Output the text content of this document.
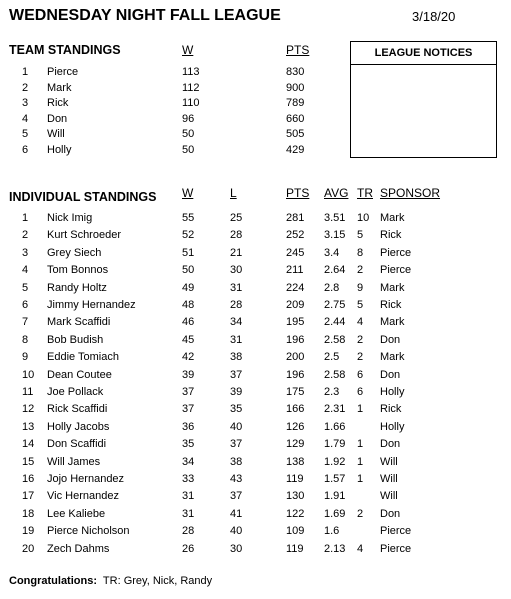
WEDNESDAY NIGHT FALL LEAGUE	3/18/20
TEAM STANDINGS	W	PTS
1 Pierce	113	830
2 Mark	112	900
3 Rick	110	789
4 Don	96	660
5 Will	50	505
6 Holly	50	429
LEAGUE NOTICES
INDIVIDUAL STANDINGS W	L	PTS AVG TR SPONSOR
1 Nick Imig	55	25	281 3.51 10 Mark
2 Kurt Schroeder	52	28	252 3.15 5 Rick
3 Grey Siech	51	21	245 3.4 8 Pierce
4 Tom Bonnos	50	30	211 2.64 2 Pierce
5 Randy Holtz	49	31	224 2.8 9 Mark
6 Jimmy Hernandez	48	28	209 2.75 5 Rick
7 Mark Scaffidi	46	34	195 2.44 4 Mark
8 Bob Budish	45	31	196 2.58 2 Don
9 Eddie Tomiach	42	38	200 2.5 2 Mark
10 Dean Coutee	39	37	196 2.58 6 Don
11 Joe Pollack	37	39	175 2.3 6 Holly
12 Rick Scaffidi	37	35	166 2.31 1 Rick
13 Holly Jacobs	36	40	126 1.66	Holly
14 Don Scaffidi	35	37	129 1.79 1 Don
15 Will James	34	38	138 1.92 1 Will
16 Jojo Hernandez	33	43	119 1.57 1 Will
17 Vic Hernandez	31	37	130 1.91	Will
18 Lee Kaliebe	31	41	122 1.69 2 Don
19 Pierce Nicholson	28	40	109 1.6	Pierce
20 Zech Dahms	26	30	119 2.13 4 Pierce
Congratulations: TR: Grey, Nick, Randy
